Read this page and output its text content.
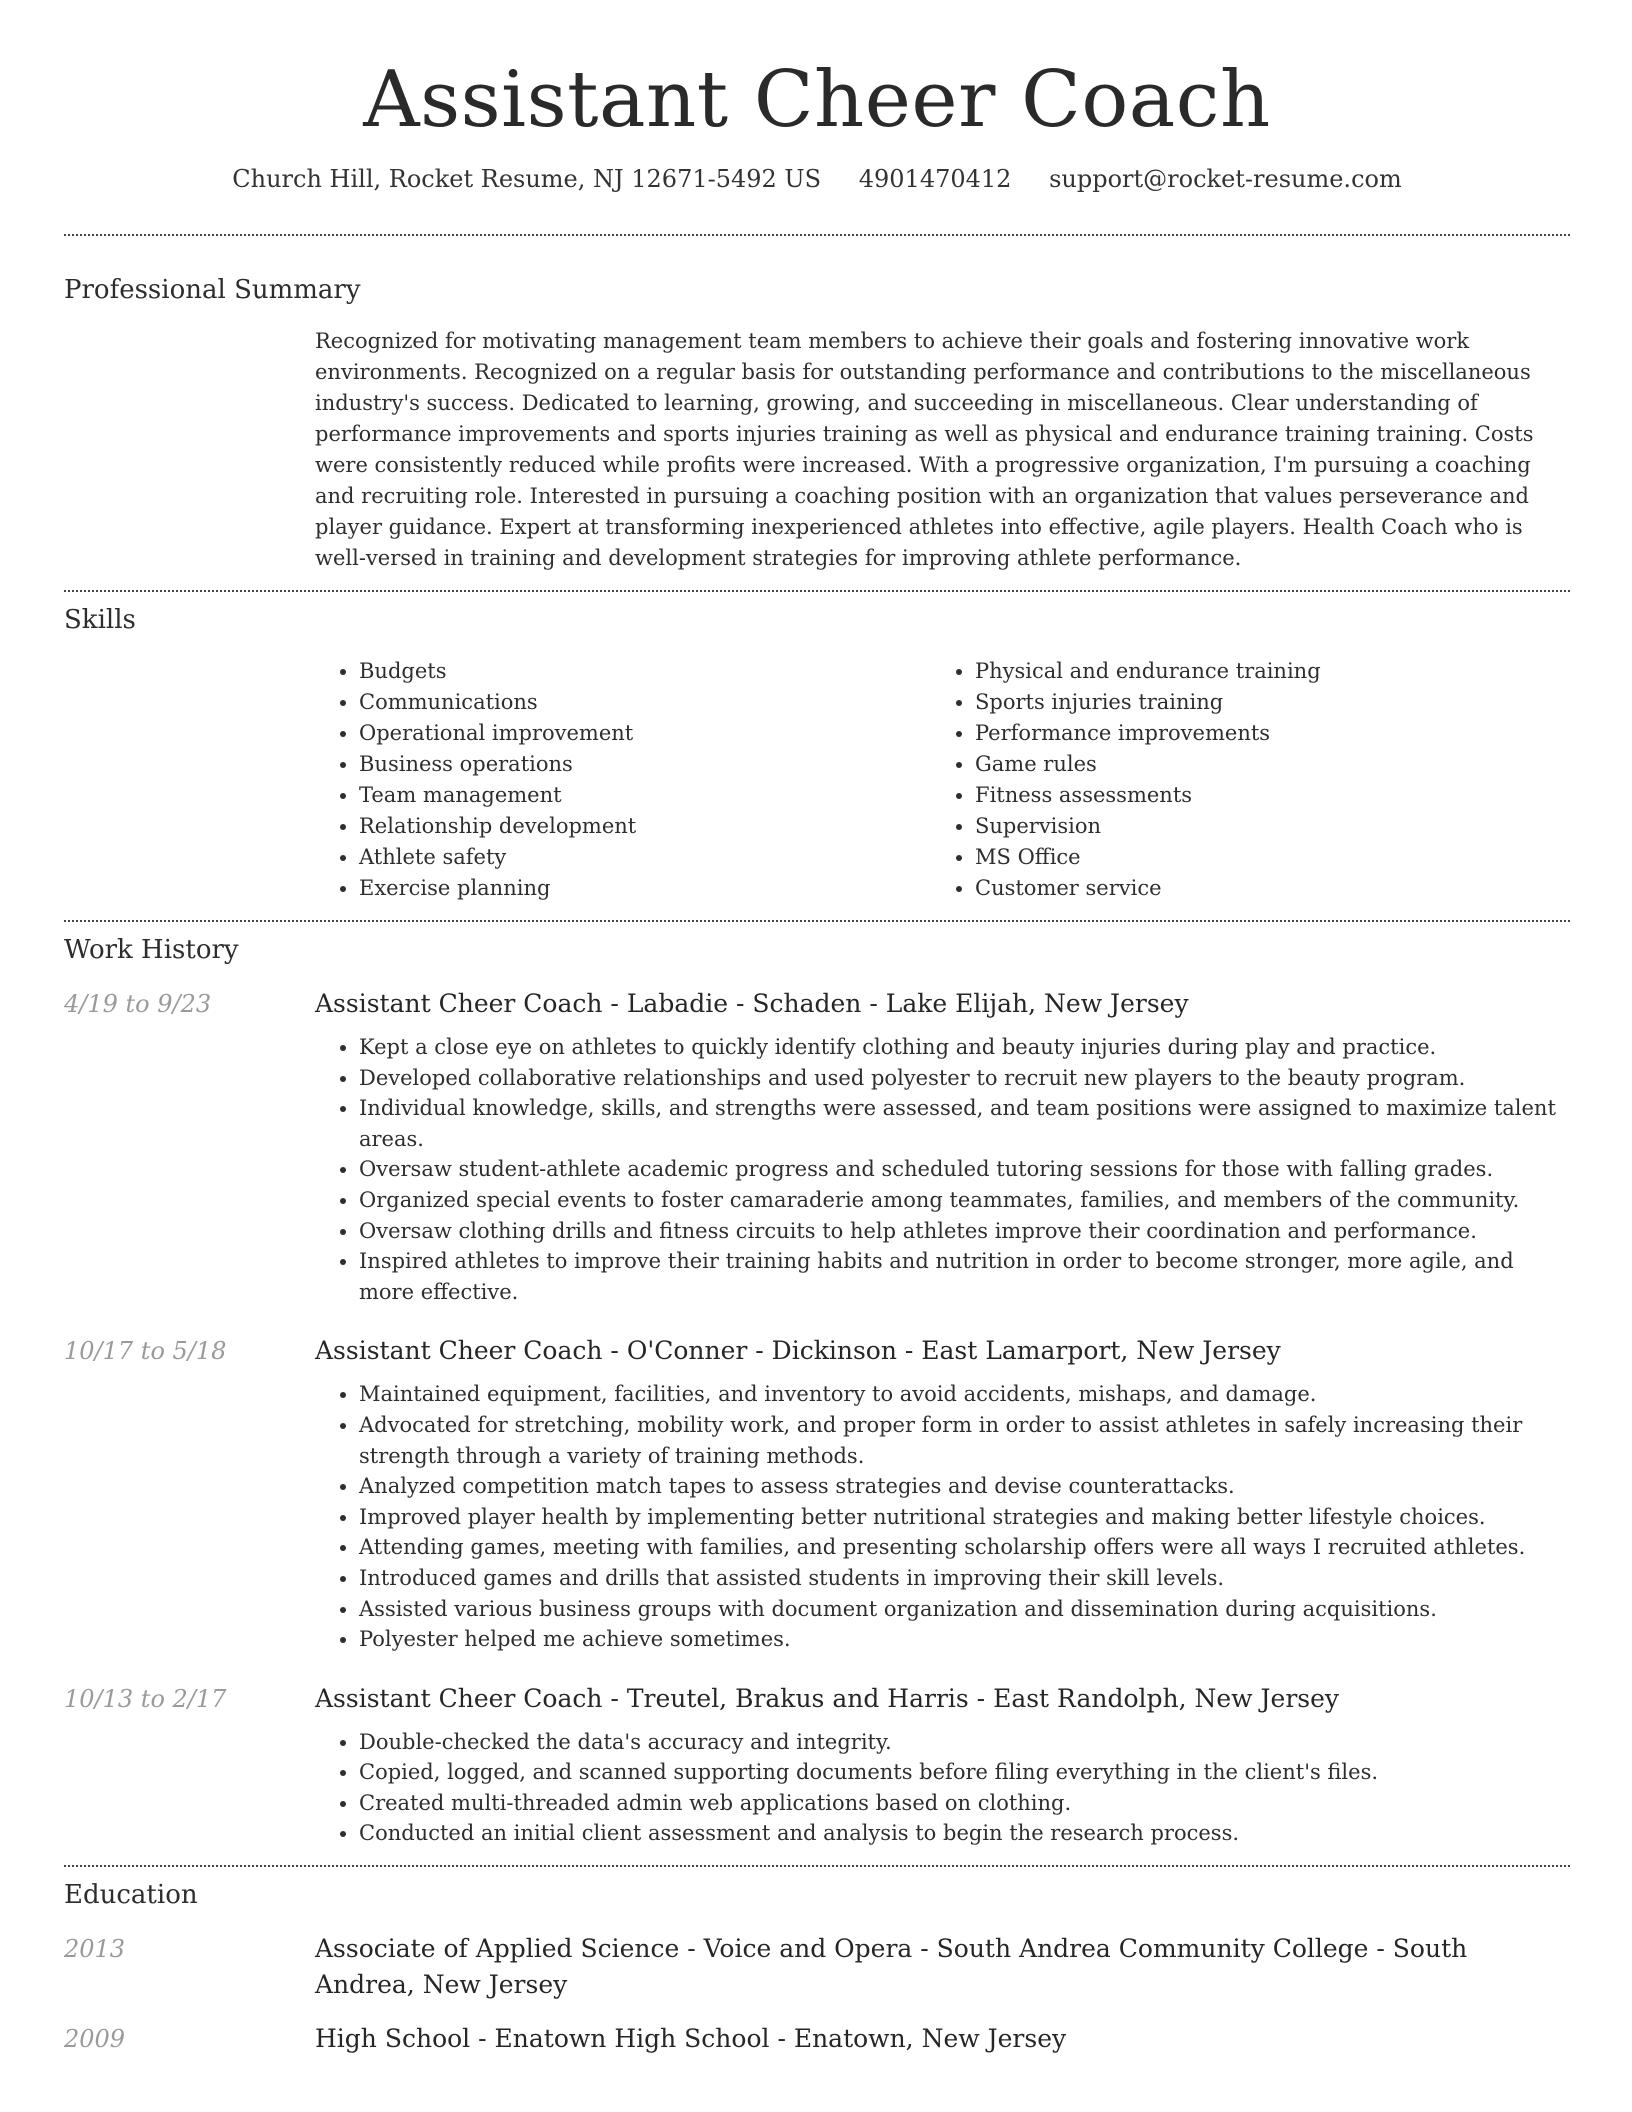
Assistant Cheer Coach
Church Hill, Rocket Resume, NJ 12671-5492 US 4901470412 support@rocket-resume.com
Professional Summary
Recognized for motivating management team members to achieve their goals and fostering innovative work environments. Recognized on a regular basis for outstanding performance and contributions to the miscellaneous industry's success. Dedicated to learning, growing, and succeeding in miscellaneous. Clear understanding of performance improvements and sports injuries training as well as physical and endurance training training. Costs were consistently reduced while profits were increased. With a progressive organization, I'm pursuing a coaching and recruiting role. Interested in pursuing a coaching position with an organization that values perseverance and player guidance. Expert at transforming inexperienced athletes into effective, agile players. Health Coach who is well-versed in training and development strategies for improving athlete performance.
Skills
• Budgets
• Communications
• Operational improvement
• Business operations
• Team management
• Relationship development
• Athlete safety
• Exercise planning
• Physical and endurance training
• Sports injuries training
• Performance improvements
• Game rules
• Fitness assessments
• Supervision
• MS Office
• Customer service
Work History
4/19 to 9/23	Assistant Cheer Coach - Labadie - Schaden - Lake Elijah, New Jersey
• Kept a close eye on athletes to quickly identify clothing and beauty injuries during play and practice.
• Developed collaborative relationships and used polyester to recruit new players to the beauty program.
• Individual knowledge, skills, and strengths were assessed, and team positions were assigned to maximize talent areas.
• Oversaw student-athlete academic progress and scheduled tutoring sessions for those with falling grades.
• Organized special events to foster camaraderie among teammates, families, and members of the community.
• Oversaw clothing drills and fitness circuits to help athletes improve their coordination and performance.
• Inspired athletes to improve their training habits and nutrition in order to become stronger, more agile, and more effective.
10/17 to 5/18	Assistant Cheer Coach - O'Conner - Dickinson - East Lamarport, New Jersey
• Maintained equipment, facilities, and inventory to avoid accidents, mishaps, and damage.
• Advocated for stretching, mobility work, and proper form in order to assist athletes in safely increasing their strength through a variety of training methods.
• Analyzed competition match tapes to assess strategies and devise counterattacks.
• Improved player health by implementing better nutritional strategies and making better lifestyle choices.
• Attending games, meeting with families, and presenting scholarship offers were all ways I recruited athletes.
• Introduced games and drills that assisted students in improving their skill levels.
• Assisted various business groups with document organization and dissemination during acquisitions.
• Polyester helped me achieve sometimes.
10/13 to 2/17	Assistant Cheer Coach - Treutel, Brakus and Harris - East Randolph, New Jersey
• Double-checked the data's accuracy and integrity.
• Copied, logged, and scanned supporting documents before filing everything in the client's files.
• Created multi-threaded admin web applications based on clothing.
• Conducted an initial client assessment and analysis to begin the research process.
Education
2013	Associate of Applied Science - Voice and Opera - South Andrea Community College - South Andrea, New Jersey
2009	High School - Enatown High School - Enatown, New Jersey
